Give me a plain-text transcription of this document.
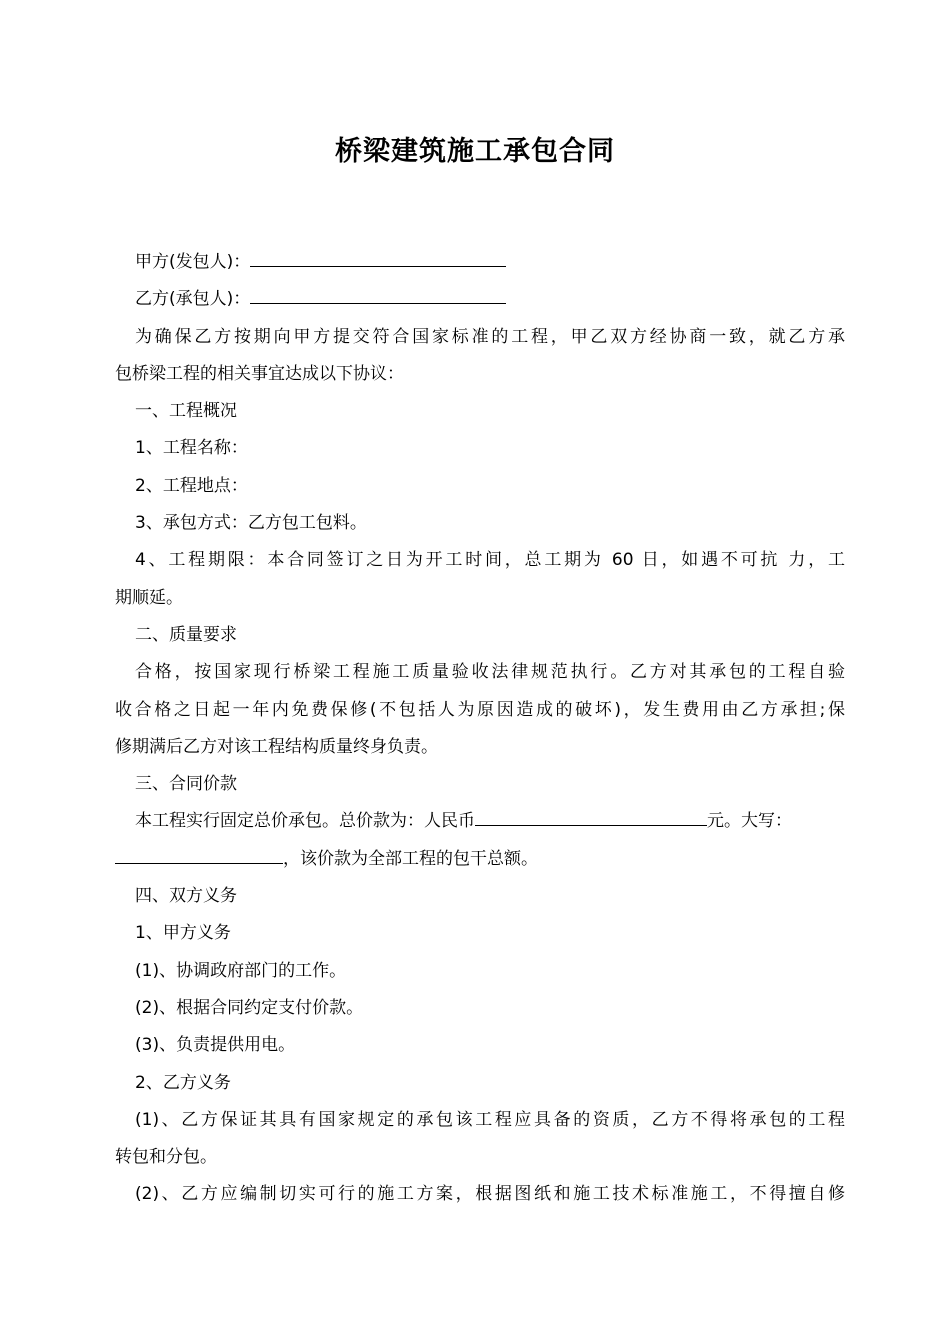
桥梁建筑施工承包合同
甲方(发包人)：
乙方(承包人)：
为确保乙方按期向甲方提交符合国家标准的工程，甲乙双方经协商一致，就乙方承
包桥梁工程的相关事宜达成以下协议：
一、工程概况
1、工程名称：
2、工程地点：
3、承包方式：乙方包工包料。
4、工程期限：本合同签订之日为开工时间，总工期为 60 日，如遇不可抗 力，工
期顺延。
二、质量要求
合格，按国家现行桥梁工程施工质量验收法律规范执行。乙方对其承包的工程自验
收合格之日起一年内免费保修(不包括人为原因造成的破坏)，发生费用由乙方承担;保
修期满后乙方对该工程结构质量终身负责。
三、合同价款
本工程实行固定总价承包。总价款为：人民币	元。大写：
，该价款为全部工程的包干总额。
四、双方义务
1、甲方义务
(1)、协调政府部门的工作。
(2)、根据合同约定支付价款。
(3)、负责提供用电。
2、乙方义务
(1)、乙方保证其具有国家规定的承包该工程应具备的资质，乙方不得将承包的工程
转包和分包。
(2)、乙方应编制切实可行的施工方案，根据图纸和施工技术标准施工，不得擅自修
